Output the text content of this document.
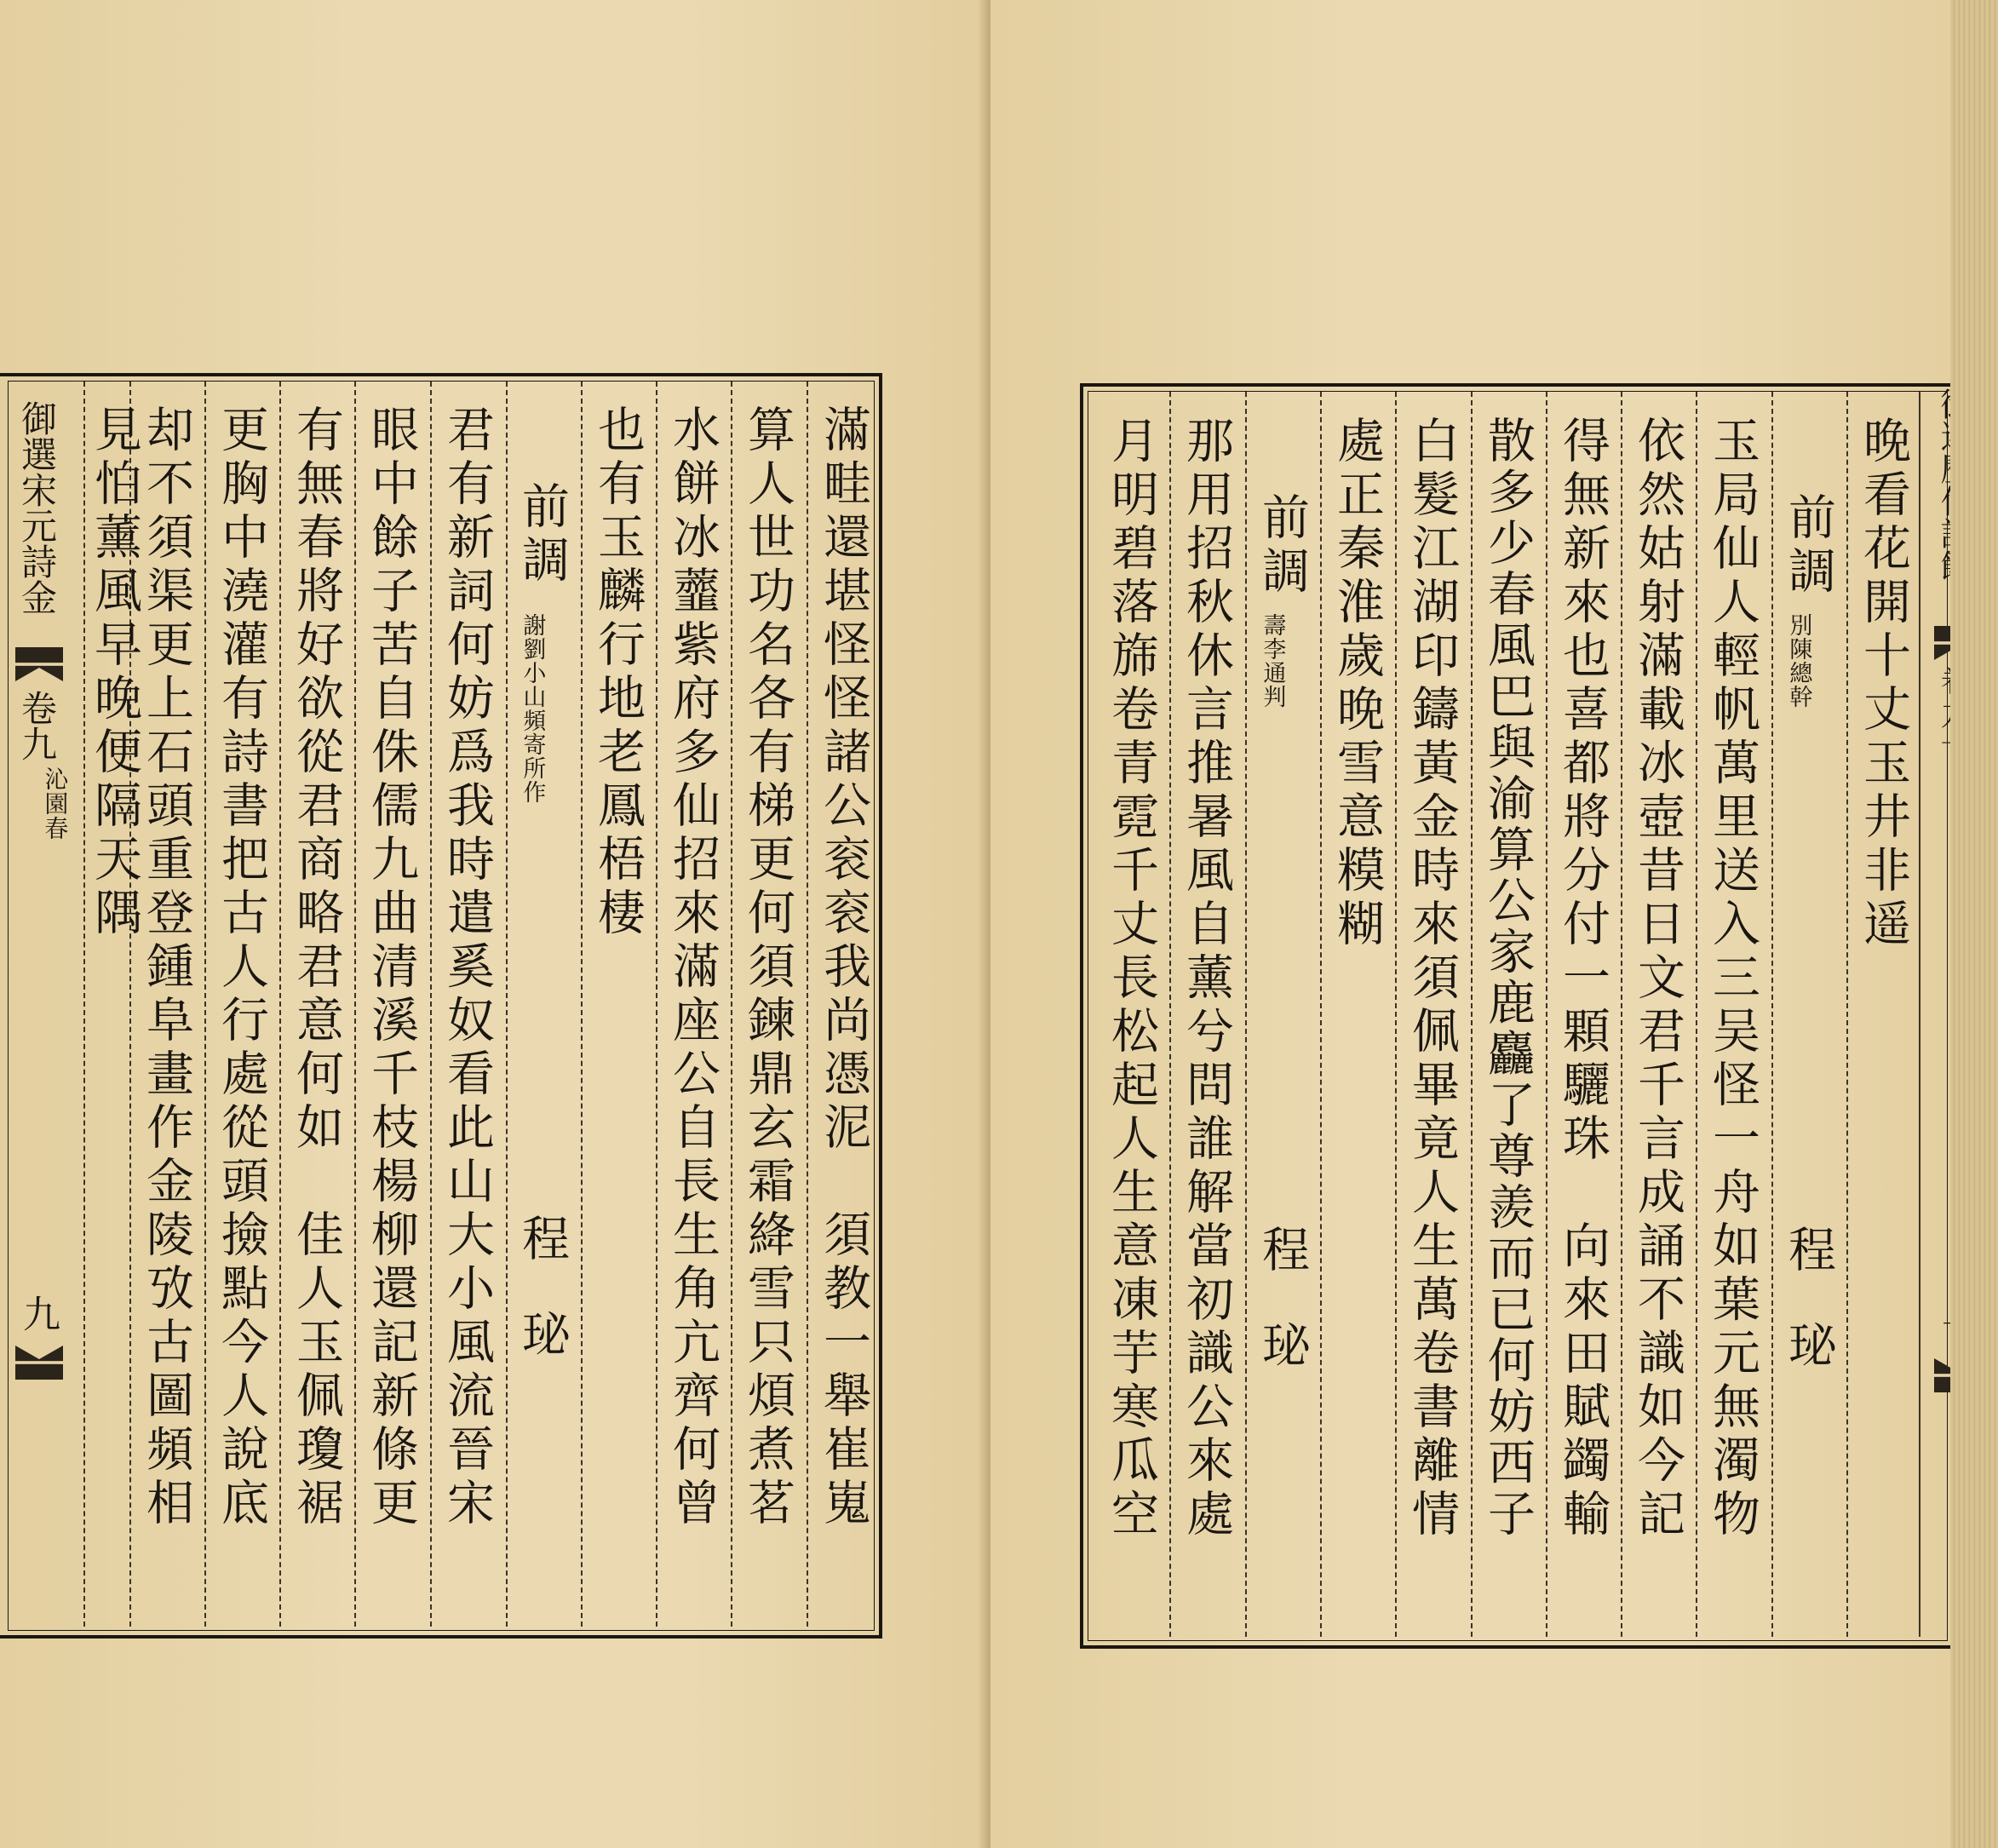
御選宋元詩金
卷九
沁園春
九	滿畦還堪怪怪諸公衮衮我尚憑泥　須教一舉崔嵬
算人世功名各有梯更何須鍊鼎玄霜絳雪只煩煮茗
水餅冰虀紫府多仙招來滿座公自長生角亢齊何曾
也有玉麟行地老鳳梧棲
前調
謝劉小山頻寄所作
程　珌
君有新詞何妨爲我時遣奚奴看此山大小風流晉宋
眼中餘子苦自侏儒九曲清溪千枝楊柳還記新條更
有無春將好欲從君商略君意何如　佳人玉佩瓊裾
更胸中澆灌有詩書把古人行處從頭撿點今人說底
却不須渠更上石頭重登鍾阜畫作金陵攷古圖頻相
見怕薰風早晚便隔天隅	晚看花開十丈玉井非遥
前調
別陳總幹
程　珌
玉局仙人輕帆萬里送入三吴怪一舟如葉元無濁物
依然姑射滿載冰壺昔日文君千言成誦不識如今記
得無新來也喜都將分付一顆驪珠　向來田賦蠲輸
散多少春風巴與渝算公家鹿麤了尊羨而已何妨西子
白髮江湖印鑄黃金時來須佩畢竟人生萬卷書離情
處正秦淮歲晚雪意糢糊
前調
壽李通判
程　珌
那用招秋休言推暑風自薰兮問誰解當初識公來處
月明碧落旆卷青霓千丈長松起人生意凍芋寒瓜空
